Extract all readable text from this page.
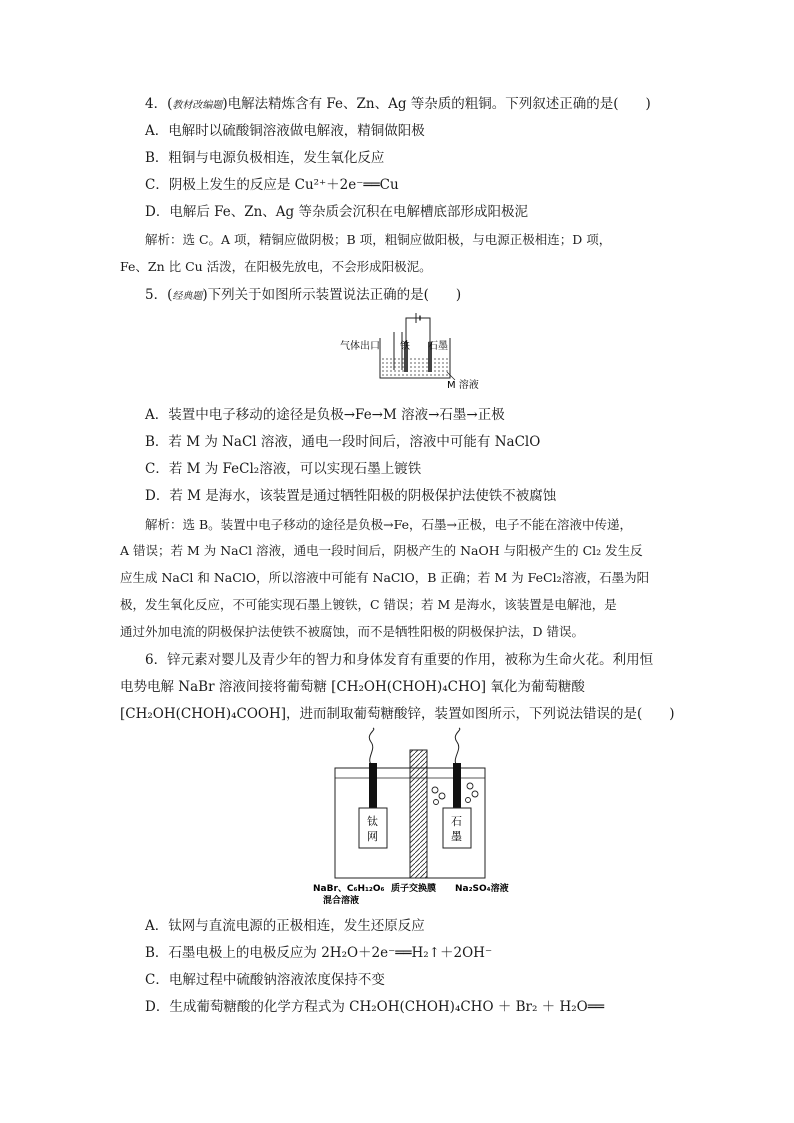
4．(教材改编题)电解法精炼含有 Fe、Zn、Ag 等杂质的粗铜。下列叙述正确的是(　　)
A．电解时以硫酸铜溶液做电解液，精铜做阳极
B．粗铜与电源负极相连，发生氧化反应
C．阴极上发生的反应是 Cu²⁺＋2e⁻══Cu
D．电解后 Fe、Zn、Ag 等杂质会沉积在电解槽底部形成阳极泥
解析：选 C。A 项，精铜应做阴极；B 项，粗铜应做阳极，与电源正极相连；D 项，
Fe、Zn 比 Cu 活泼，在阳极先放电，不会形成阳极泥。
5．(经典题)下列关于如图所示装置说法正确的是(　　)
气体出口 铁 石墨
M 溶液
A．装置中电子移动的途径是负极→Fe→M 溶液→石墨→正极
B．若 M 为 NaCl 溶液，通电一段时间后，溶液中可能有 NaClO
C．若 M 为 FeCl₂溶液，可以实现石墨上镀铁
D．若 M 是海水，该装置是通过牺牲阳极的阴极保护法使铁不被腐蚀
解析：选 B。装置中电子移动的途径是负极→Fe，石墨→正极，电子不能在溶液中传递，
A 错误；若 M 为 NaCl 溶液，通电一段时间后，阴极产生的 NaOH 与阳极产生的 Cl₂ 发生反
应生成 NaCl 和 NaClO，所以溶液中可能有 NaClO，B 正确；若 M 为 FeCl₂溶液，石墨为阳
极，发生氧化反应，不可能实现石墨上镀铁，C 错误；若 M 是海水，该装置是电解池，是
通过外加电流的阴极保护法使铁不被腐蚀，而不是牺牲阳极的阴极保护法，D 错误。
6．锌元素对婴儿及青少年的智力和身体发育有重要的作用，被称为生命火花。利用恒
电势电解 NaBr 溶液间接将葡萄糖 [CH₂OH(CHOH)₄CHO] 氧化为葡萄糖酸
[CH₂OH(CHOH)₄COOH]，进而制取葡萄糖酸锌，装置如图所示，下列说法错误的是(　　)
钛
网
石
墨
NaBr、C₆H₁₂O₆
混合溶液
质子交换膜 Na₂SO₄溶液
A．钛网与直流电源的正极相连，发生还原反应
B．石墨电极上的电极反应为 2H₂O＋2e⁻══H₂↑＋2OH⁻
C．电解过程中硫酸钠溶液浓度保持不变
D．生成葡萄糖酸的化学方程式为 CH₂OH(CHOH)₄CHO ＋ Br₂ ＋ H₂O══
